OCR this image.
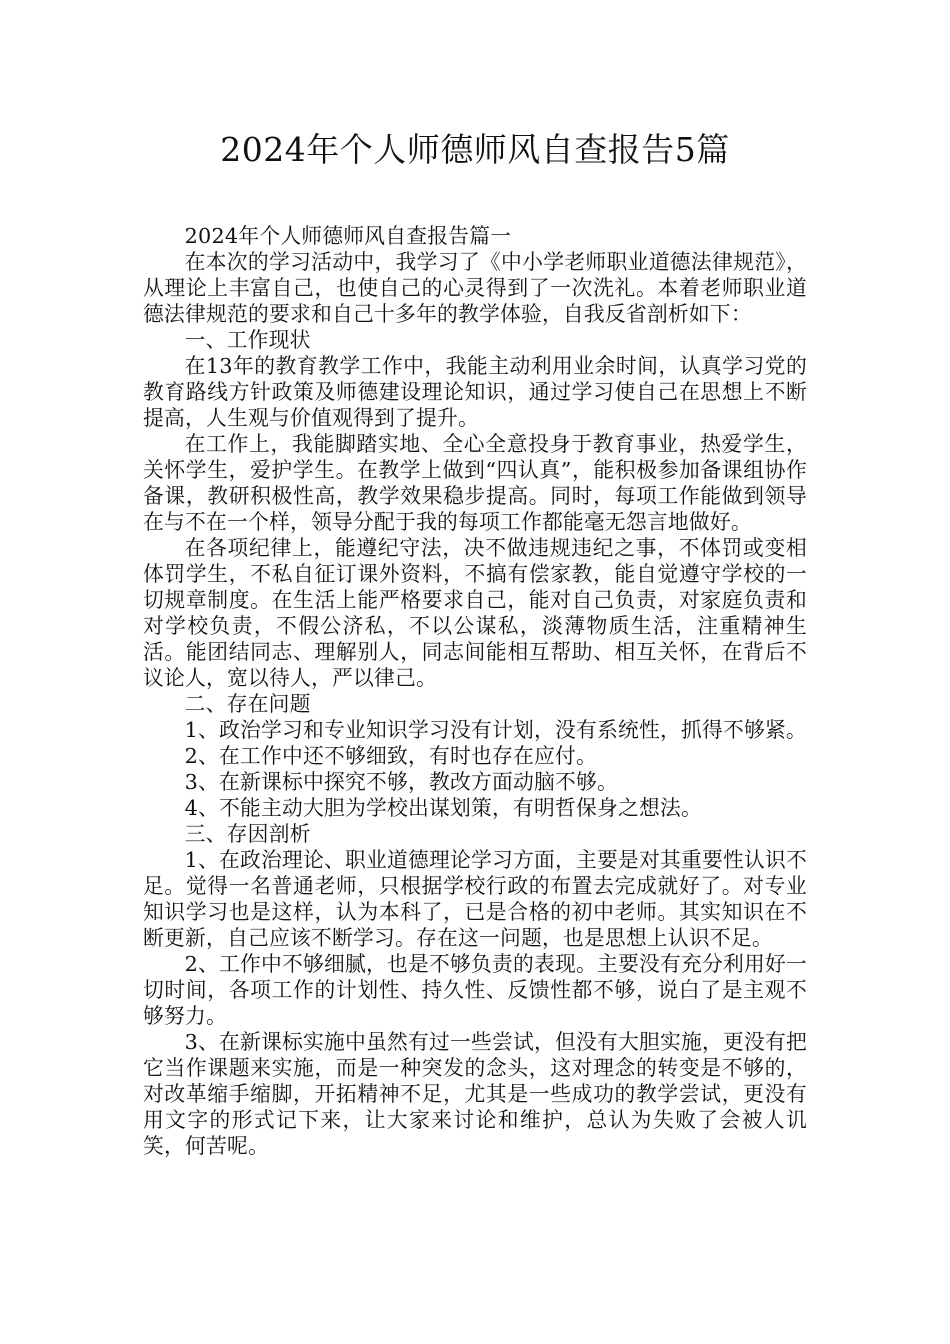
2024年个人师德师风自查报告5篇

2024年个人师德师风自查报告篇一

在本次的学习活动中，我学习了《中小学老师职业道德法律规范》，从理论上丰富自己，也使自己的心灵得到了一次洗礼。本着老师职业道德法律规范的要求和自己十多年的教学体验，自我反省剖析如下：

一、工作现状

在13年的教育教学工作中，我能主动利用业余时间，认真学习党的教育路线方针政策及师德建设理论知识，通过学习使自己在思想上不断提高，人生观与价值观得到了提升。

在工作上，我能脚踏实地、全心全意投身于教育事业，热爱学生，关怀学生，爱护学生。在教学上做到“四认真”，能积极参加备课组协作备课，教研积极性高，教学效果稳步提高。同时，每项工作能做到领导在与不在一个样，领导分配于我的每项工作都能毫无怨言地做好。

在各项纪律上，能遵纪守法，决不做违规违纪之事，不体罚或变相体罚学生，不私自征订课外资料，不搞有偿家教，能自觉遵守学校的一切规章制度。在生活上能严格要求自己，能对自己负责，对家庭负责和对学校负责，不假公济私，不以公谋私，淡薄物质生活，注重精神生活。能团结同志、理解别人，同志间能相互帮助、相互关怀，在背后不议论人，宽以待人，严以律己。

二、存在问题

1、政治学习和专业知识学习没有计划，没有系统性，抓得不够紧。

2、在工作中还不够细致，有时也存在应付。

3、在新课标中探究不够，教改方面动脑不够。

4、不能主动大胆为学校出谋划策，有明哲保身之想法。

三、存因剖析

1、在政治理论、职业道德理论学习方面，主要是对其重要性认识不足。觉得一名普通老师，只根据学校行政的布置去完成就好了。对专业知识学习也是这样，认为本科了，已是合格的初中老师。其实知识在不断更新，自己应该不断学习。存在这一问题，也是思想上认识不足。

2、工作中不够细腻，也是不够负责的表现。主要没有充分利用好一切时间，各项工作的计划性、持久性、反馈性都不够，说白了是主观不够努力。

3、在新课标实施中虽然有过一些尝试，但没有大胆实施，更没有把它当作课题来实施，而是一种突发的念头，这对理念的转变是不够的，对改革缩手缩脚，开拓精神不足，尤其是一些成功的教学尝试，更没有用文字的形式记下来，让大家来讨论和维护，总认为失败了会被人讥笑，何苦呢。
